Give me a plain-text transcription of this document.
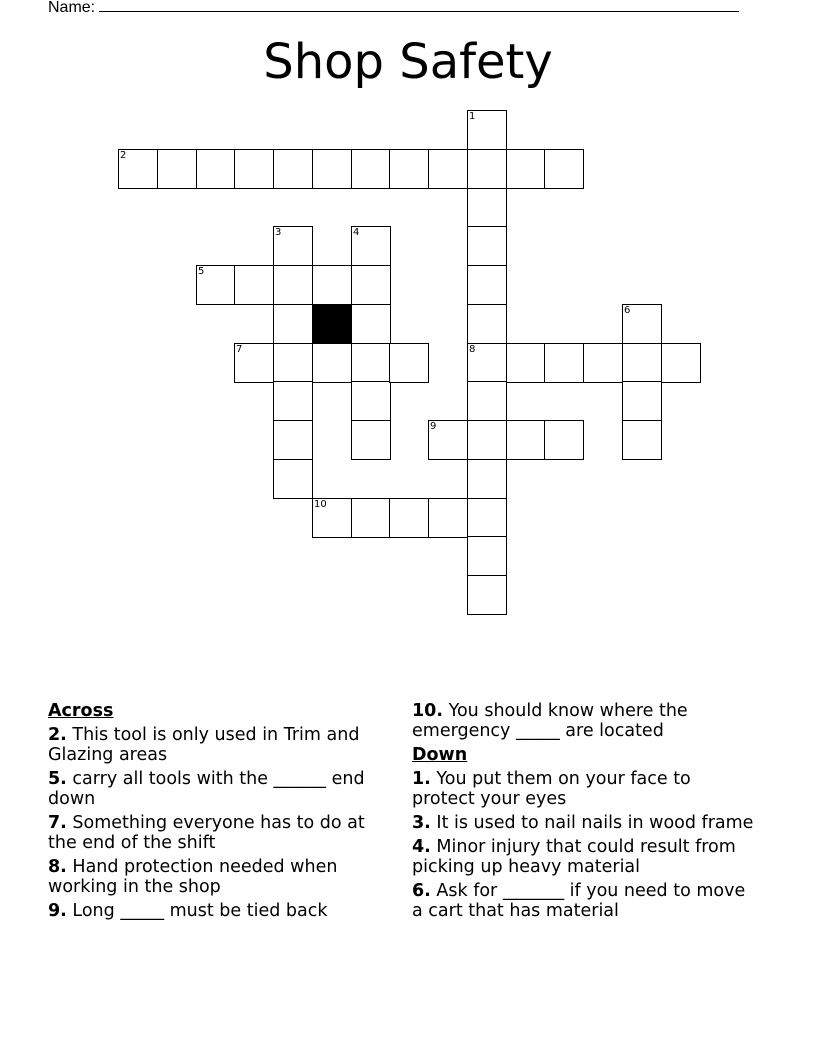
Name:
Shop Safety
2
1
8
3	4
5
7
6
9
10
Across
2. This tool is only used in Trim and Glazing areas
5. carry all tools with the ______ end down
7. Something everyone has to do at the end of the shift
8. Hand protection needed when working in the shop
9. Long _____ must be tied back
10. You should know where the emergency _____ are located
Down
1. You put them on your face to protect your eyes
3. It is used to nail nails in wood frame
4. Minor injury that could result from picking up heavy material
6. Ask for _______ if you need to move a cart that has material
